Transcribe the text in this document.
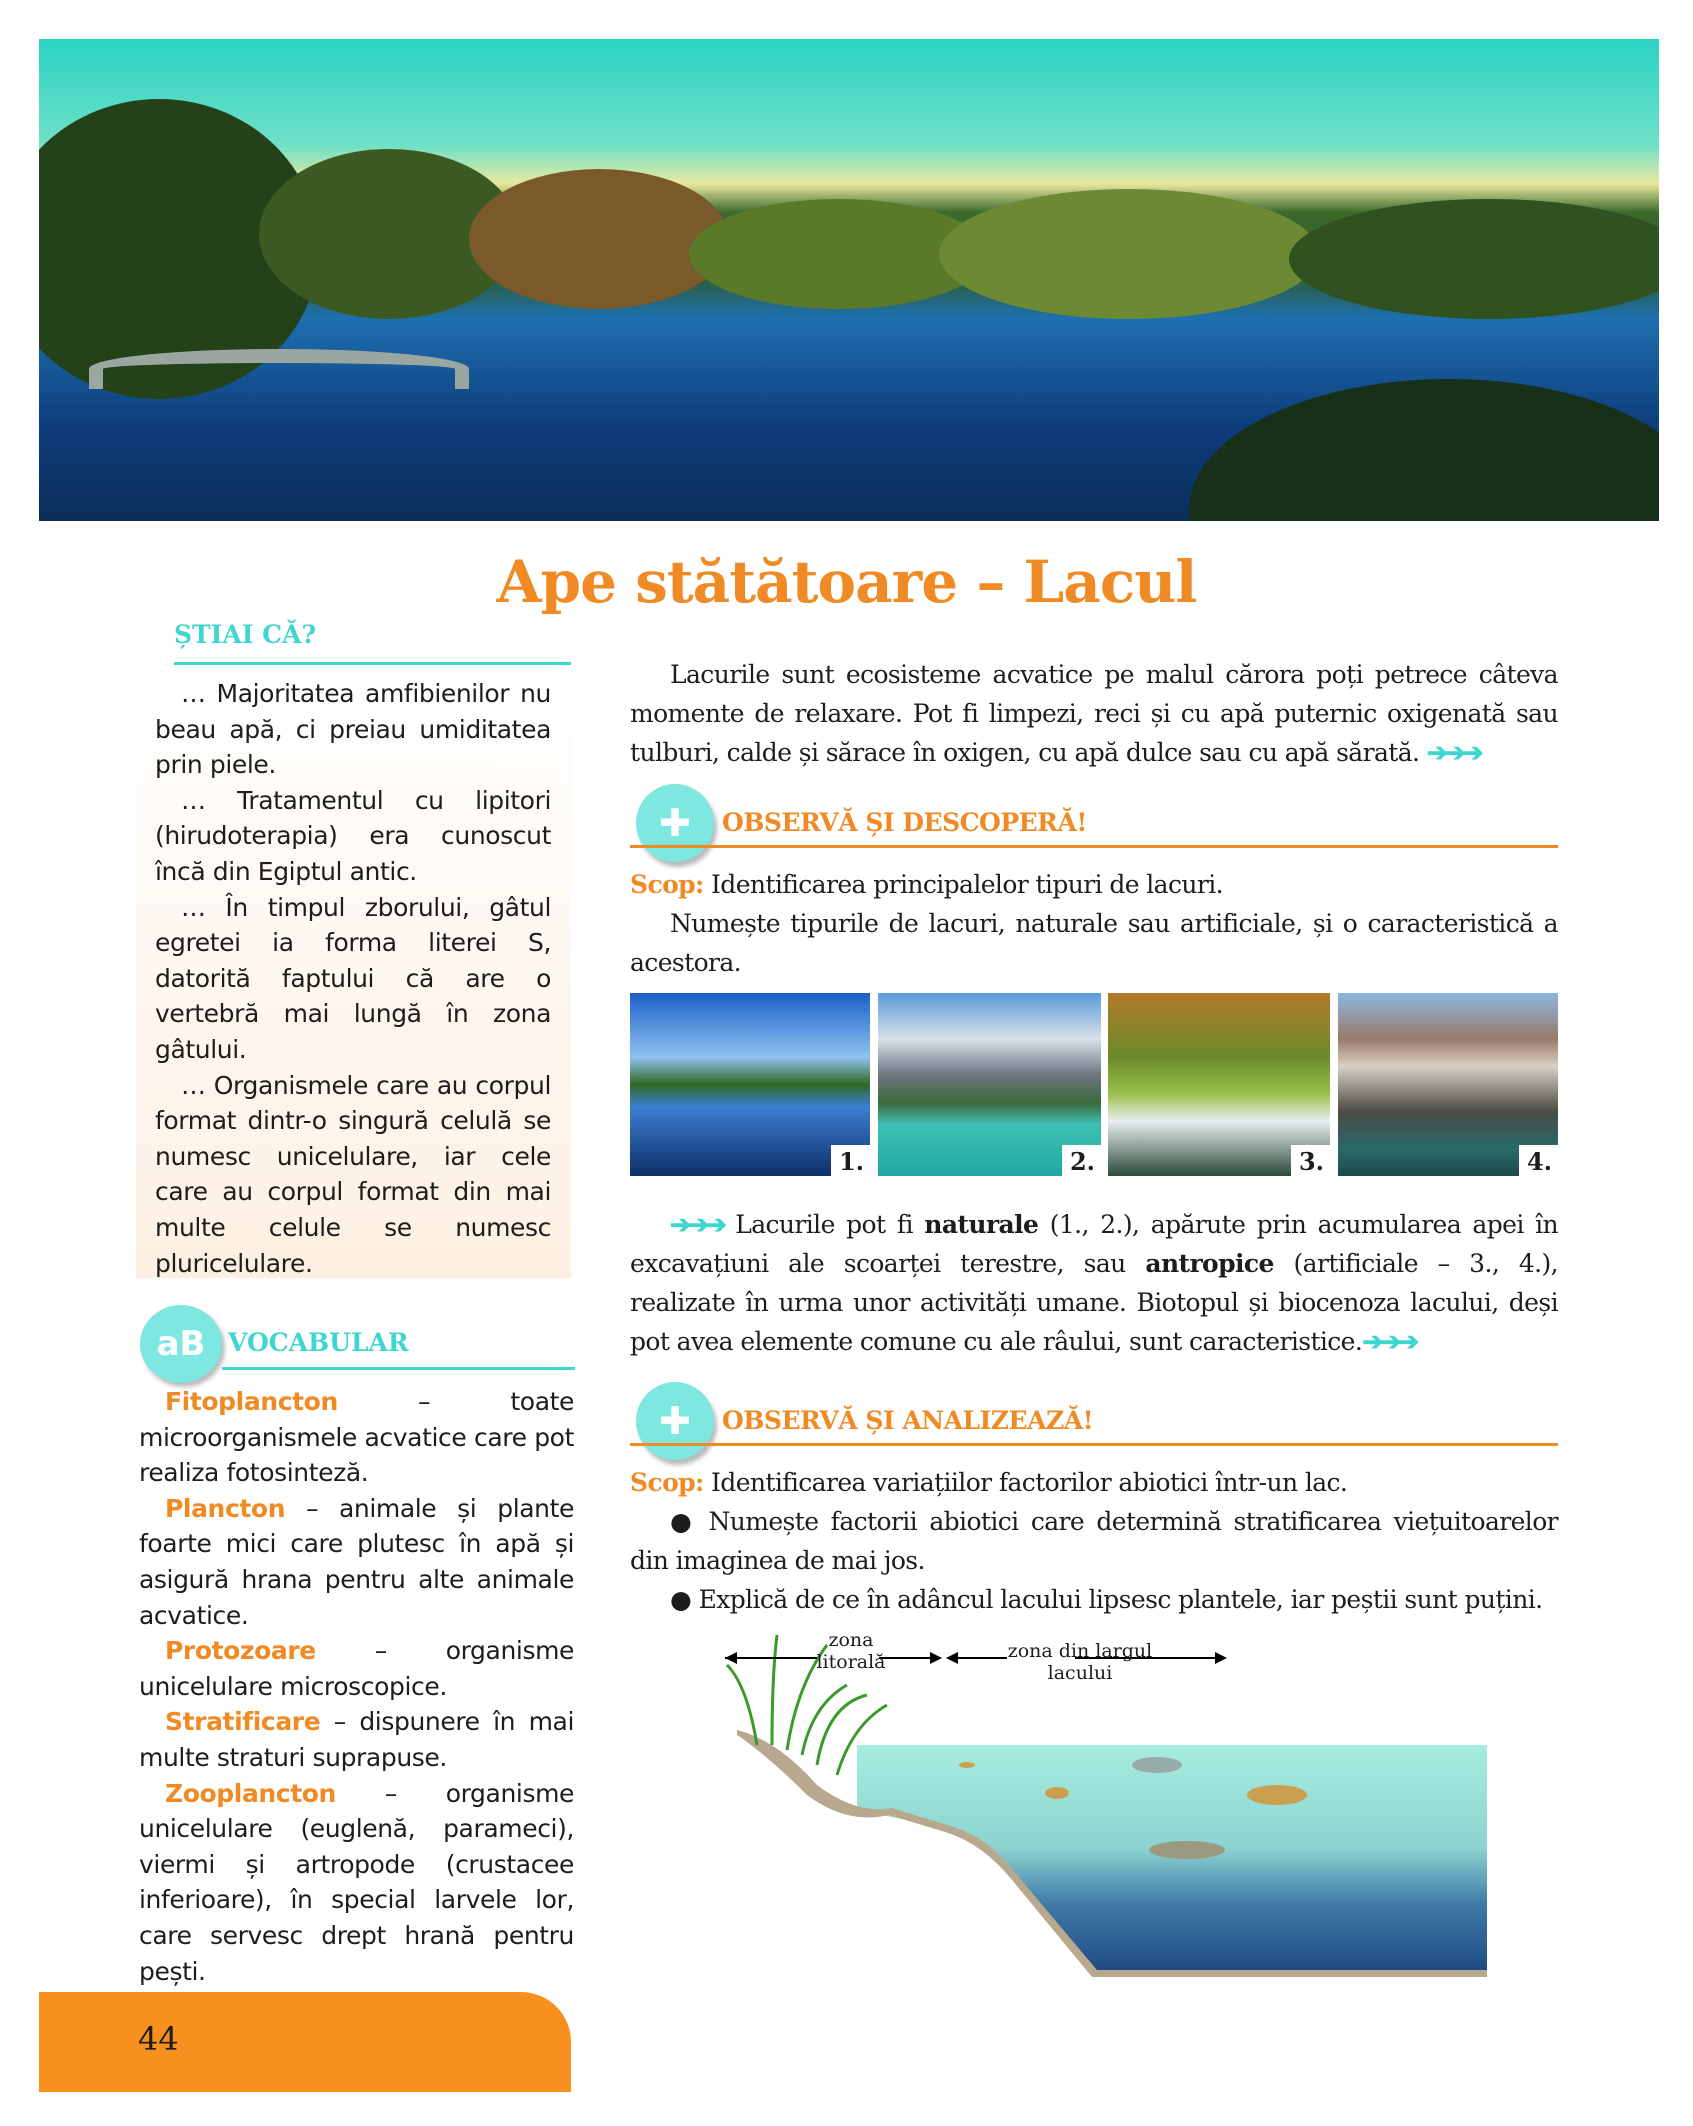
Ape stătătoare – Lacul
ȘTIAI CĂ?

… Majoritatea amfibienilor nu beau apă, ci preiau umiditatea prin piele.

… Tratamentul cu lipitori (hirudoterapia) era cunoscut încă din Egiptul antic.

… În timpul zborului, gâtul egretei ia forma literei S, datorită faptului că are o vertebră mai lungă în zona gâtului.

… Organismele care au corpul format dintr-o singură celulă se numesc unicelulare, iar cele care au corpul format din mai multe celule se numesc pluricelulare.

aB VOCABULAR

Fitoplancton – toate microorganismele acvatice care pot realiza fotosinteză.

Plancton – animale și plante foarte mici care plutesc în apă și asigură hrana pentru alte animale acvatice.

Protozoare – organisme unicelulare microscopice.

Stratificare – dispunere în mai multe straturi suprapuse.

Zooplancton – organisme unicelulare (euglenă, parameci), viermi și artropode (crustacee inferioare), în special larvele lor, care servesc drept hrană pentru pești.

44

Lacurile sunt ecosisteme acvatice pe malul cărora poți petrece câteva momente de relaxare. Pot fi limpezi, reci și cu apă puternic oxigenată sau tulburi, calde și sărace în oxigen, cu apă dulce sau cu apă sărată. ➔➔➔

✚	OBSERVĂ ȘI DESCOPERĂ!

Scop: Identificarea principalelor tipuri de lacuri.

Numește tipurile de lacuri, naturale sau artificiale, și o caracteristică a acestora.

1.	2.	3.	4.

➔➔➔ Lacurile pot fi naturale (1., 2.), apărute prin acumularea apei în excavațiuni ale scoarței terestre, sau antropice (artificiale – 3., 4.), realizate în urma unor activități umane. Biotopul și biocenoza lacului, deși pot avea elemente comune cu ale râului, sunt caracteristice.➔➔➔

✚	OBSERVĂ ȘI ANALIZEAZĂ!

Scop: Identificarea variațiilor factorilor abiotici într-un lac.

● Numește factorii abiotici care determină stratificarea viețuitoarelor din imaginea de mai jos.

● Explică de ce în adâncul lacului lipsesc plantele, iar peștii sunt puțini.

zona litorală	zona din largul lacului
